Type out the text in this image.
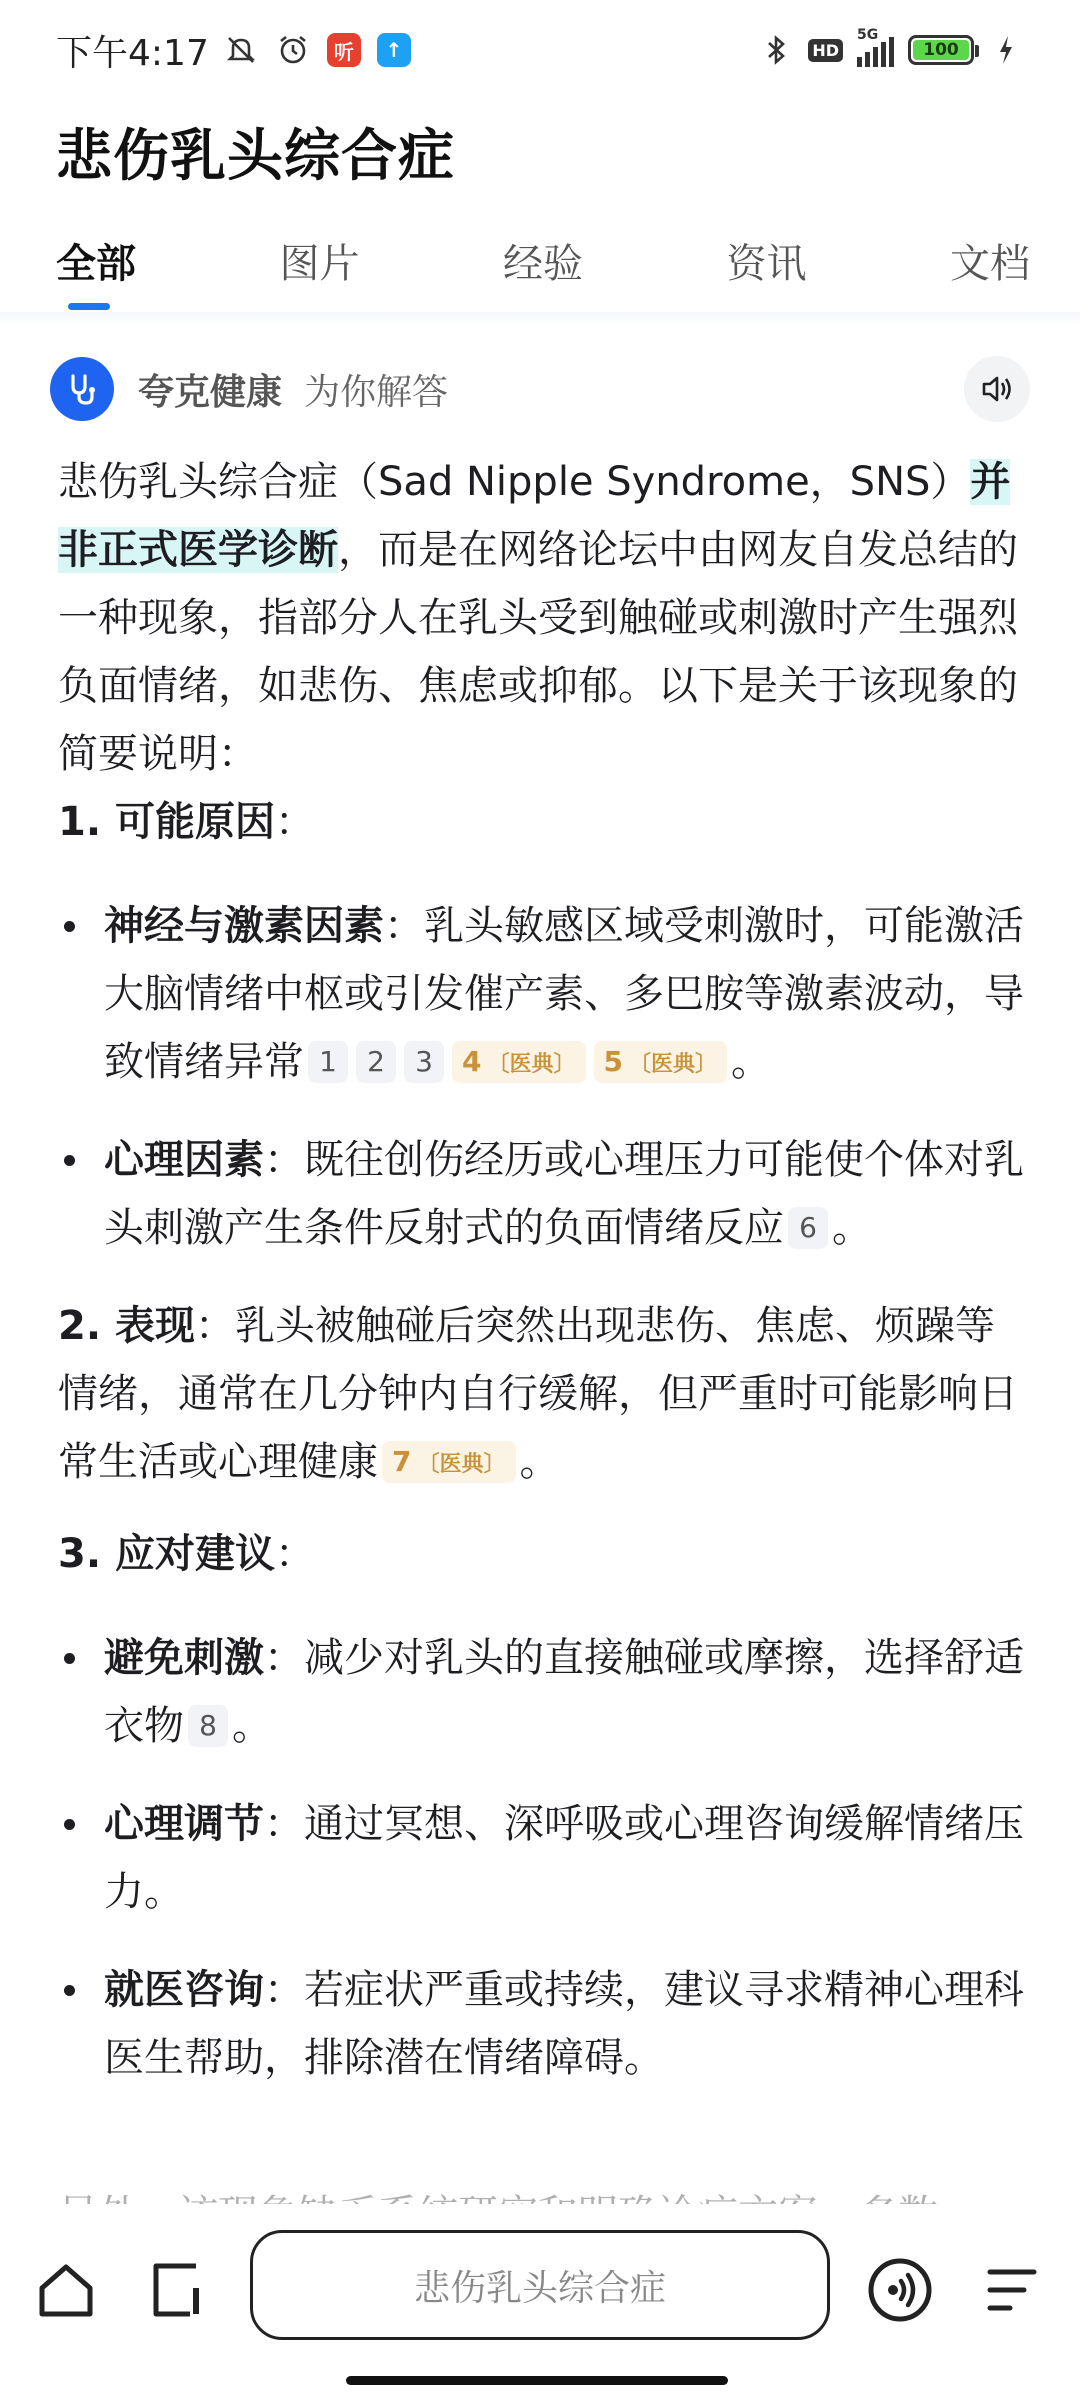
下午4:17	听	↑	HD
5G
100
悲伤乳头综合症
全部	图片	经验	资讯	文档
夸克健康 为你解答

悲伤乳头综合症（Sad Nipple Syndrome，SNS）并非正式医学诊断，而是在网络论坛中由网友自发总结的一种现象，指部分人在乳头受到触碰或刺激时产生强烈负面情绪，如悲伤、焦虑或抑郁。以下是关于该现象的简要说明：

1. 可能原因：

神经与激素因素：乳头敏感区域受刺激时，可能激活大脑情绪中枢或引发催产素、多巴胺等激素波动，导致情绪异常 1 2 3 4 〔医典〕 5 〔医典〕 。
心理因素：既往创伤经历或心理压力可能使个体对乳头刺激产生条件反射式的负面情绪反应 6 。

2. 表现：乳头被触碰后突然出现悲伤、焦虑、烦躁等情绪，通常在几分钟内自行缓解，但严重时可能影响日常生活或心理健康 7 〔医典〕 。

3. 应对建议：

避免刺激：减少对乳头的直接触碰或摩擦，选择舒适衣物 8 。
心理调节：通过冥想、深呼吸或心理咨询缓解情绪压力。
就医咨询：若症状严重或持续，建议寻求精神心理科医生帮助，排除潜在情绪障碍。
悲伤乳头综合症
